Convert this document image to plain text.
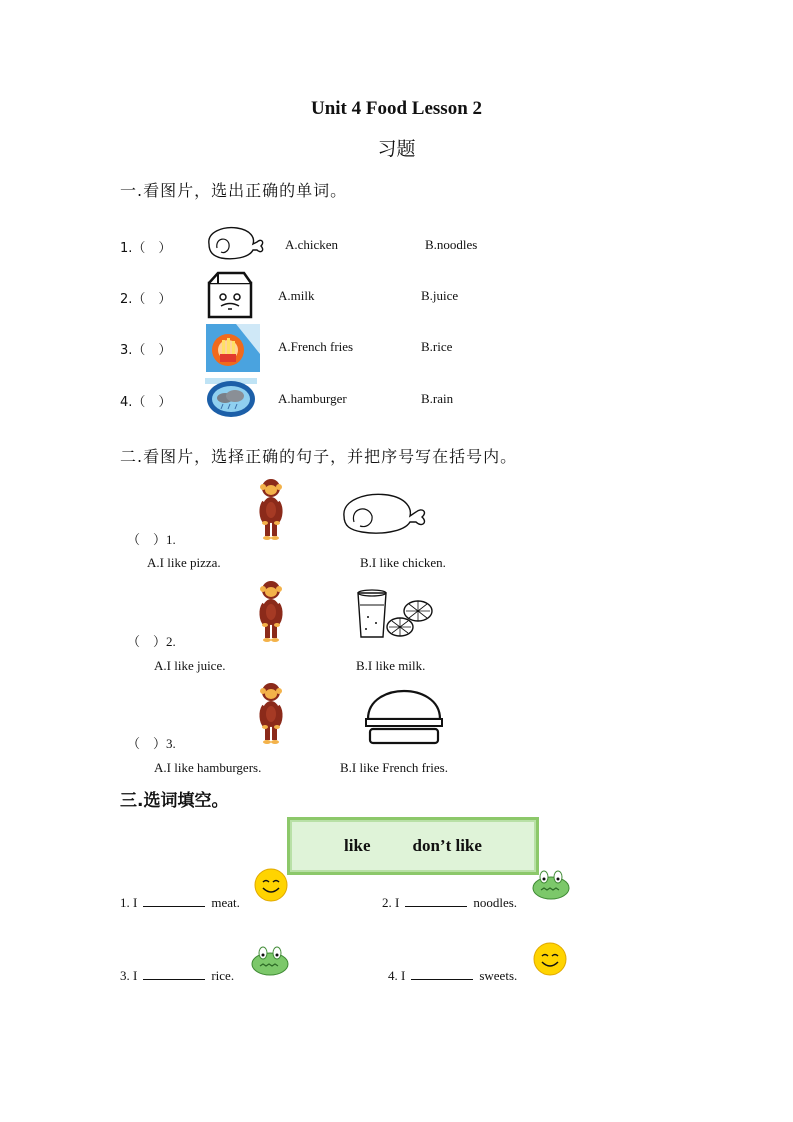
Unit 4 Food Lesson 2
习题
一.看图片，选出正确的单词。
1.（　）	A.chicken	B.noodles
2.（　）	A.milk	B.juice
3.（　）	A.French fries	B.rice
4.（　）	A.hamburger	B.rain
二.看图片，选择正确的句子，并把序号写在括号内。
（　）1.
A.I like pizza.	B.I like chicken.
（　）2.
A.I like juice.	B.I like milk.
（　）3.
A.I like hamburgers.	B.I like French fries.
三.选词填空。
like don’t like
1. I	meat.	2. I	noodles.
3. I	rice.	4. I	sweets.
